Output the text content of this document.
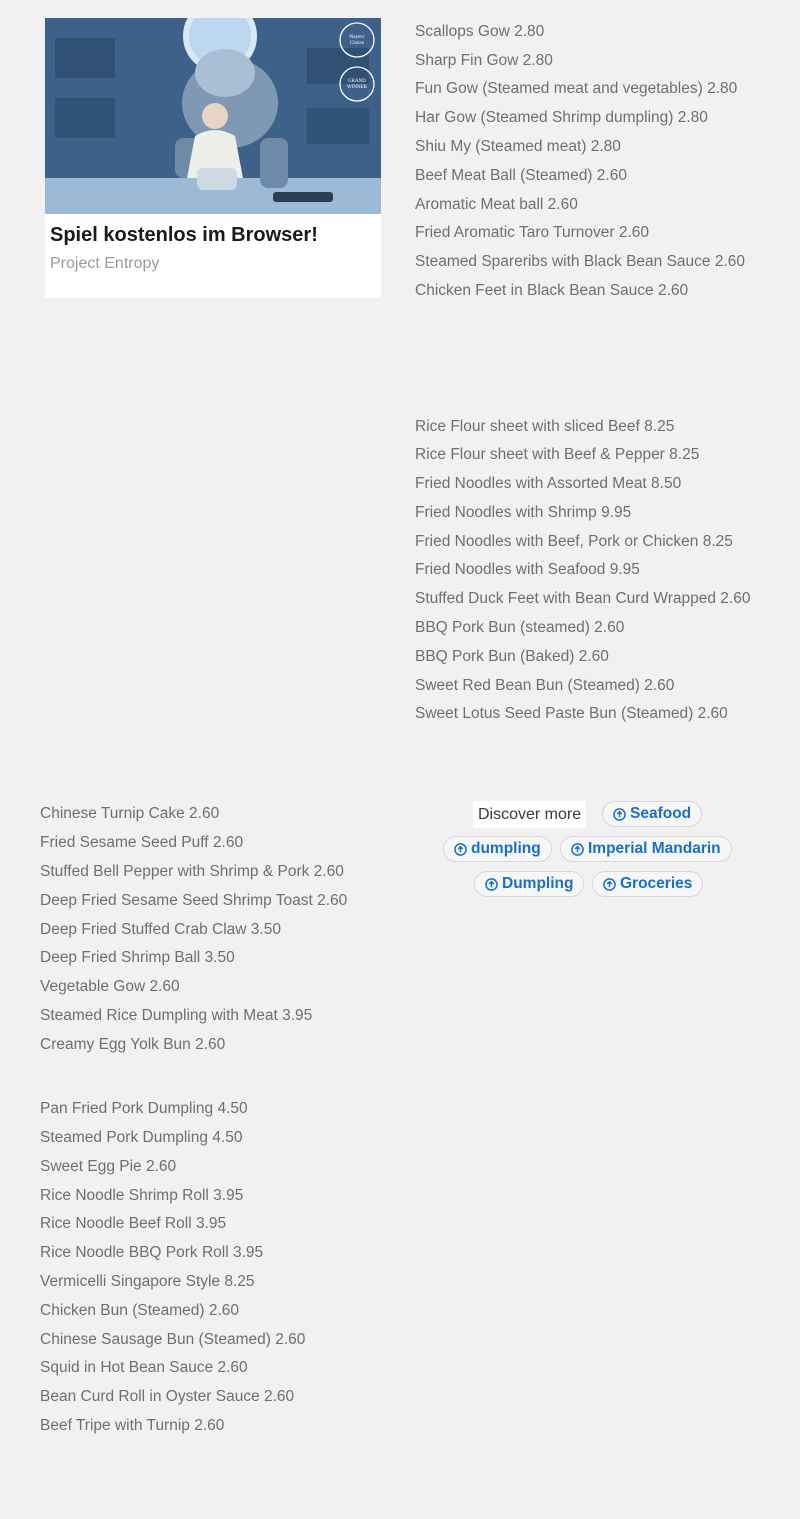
Players'
Choice
GRAND
WINNER
Spiel kostenlos im Browser!
Project Entropy
Scallops Gow 2.80
Sharp Fin Gow 2.80
Fun Gow (Steamed meat and vegetables) 2.80
Har Gow (Steamed Shrimp dumpling) 2.80
Shiu My (Steamed meat) 2.80
Beef Meat Ball (Steamed) 2.60
Aromatic Meat ball 2.60
Fried Aromatic Taro Turnover 2.60
Steamed Spareribs with Black Bean Sauce 2.60
Chicken Feet in Black Bean Sauce 2.60
Rice Flour sheet with sliced Beef 8.25
Rice Flour sheet with Beef & Pepper 8.25
Fried Noodles with Assorted Meat 8.50
Fried Noodles with Shrimp 9.95
Fried Noodles with Beef, Pork or Chicken 8.25
Fried Noodles with Seafood 9.95
Stuffed Duck Feet with Bean Curd Wrapped 2.60
BBQ Pork Bun (steamed) 2.60
BBQ Pork Bun (Baked) 2.60
Sweet Red Bean Bun (Steamed) 2.60
Sweet Lotus Seed Paste Bun (Steamed) 2.60
Chinese Turnip Cake 2.60
Fried Sesame Seed Puff 2.60
Stuffed Bell Pepper with Shrimp & Pork 2.60
Deep Fried Sesame Seed Shrimp Toast 2.60
Deep Fried Stuffed Crab Claw 3.50
Deep Fried Shrimp Ball 3.50
Vegetable Gow 2.60
Steamed Rice Dumpling with Meat 3.95
Creamy Egg Yolk Bun 2.60
Pan Fried Pork Dumpling 4.50
Steamed Pork Dumpling 4.50
Sweet Egg Pie 2.60
Rice Noodle Shrimp Roll 3.95
Rice Noodle Beef Roll 3.95
Rice Noodle BBQ Pork Roll 3.95
Vermicelli Singapore Style 8.25
Chicken Bun (Steamed) 2.60
Chinese Sausage Bun (Steamed) 2.60
Squid in Hot Bean Sauce 2.60
Bean Curd Roll in Oyster Sauce 2.60
Beef Tripe with Turnip 2.60
Discover more	Seafood
dumpling	Imperial Mandarin
Dumpling	Groceries
